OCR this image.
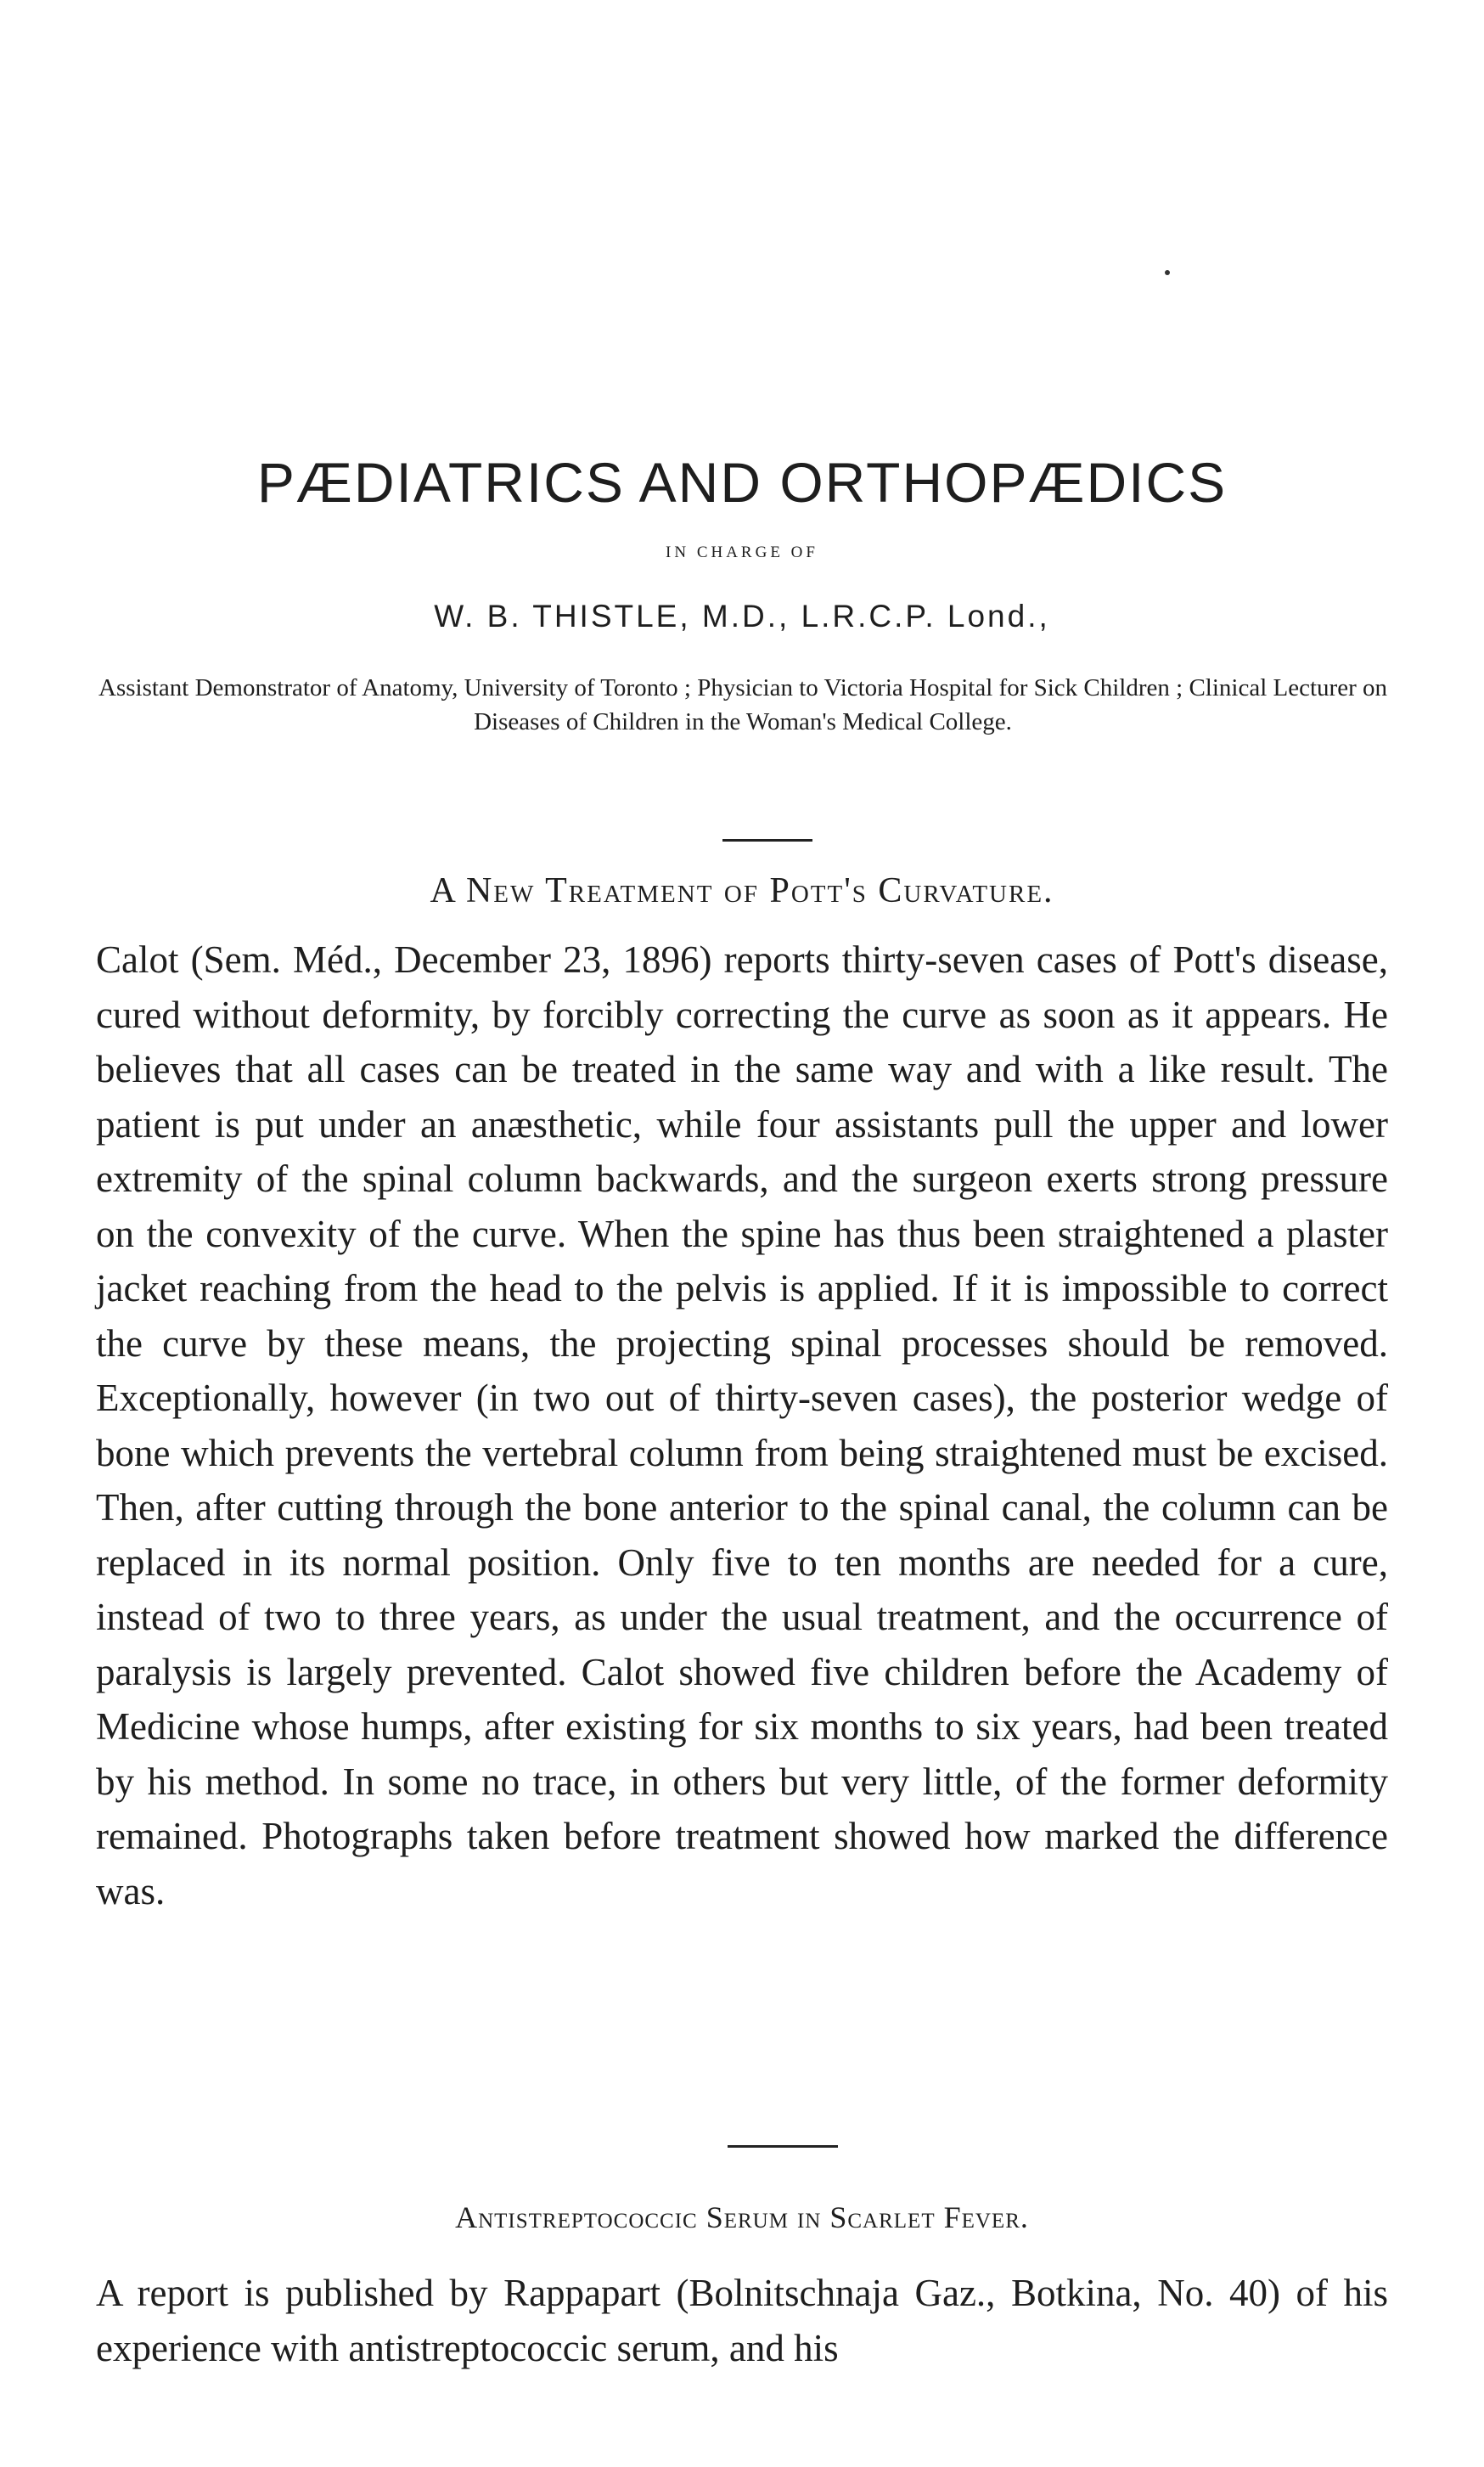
PÆDIATRICS AND ORTHOPÆDICS

IN CHARGE OF

W. B. THISTLE, M.D., L.R.C.P. Lond.,

Assistant Demonstrator of Anatomy, University of Toronto ; Physician to Victoria Hospital for Sick Children ; Clinical Lecturer on Diseases of Children in the Woman's Medical College.

A New Treatment of Pott's Curvature.

Calot (Sem. Méd., December 23, 1896) reports thirty-seven cases of Pott's disease, cured without deformity, by forcibly correcting the curve as soon as it appears. He believes that all cases can be treated in the same way and with a like result. The patient is put under an anæsthetic, while four assistants pull the upper and lower extremity of the spinal column backwards, and the surgeon exerts strong pressure on the convexity of the curve. When the spine has thus been straightened a plaster jacket reaching from the head to the pelvis is applied. If it is impossible to correct the curve by these means, the projecting spinal processes should be removed. Exceptionally, however (in two out of thirty-seven cases), the posterior wedge of bone which prevents the vertebral column from being straightened must be excised. Then, after cutting through the bone anterior to the spinal canal, the column can be replaced in its normal position. Only five to ten months are needed for a cure, instead of two to three years, as under the usual treatment, and the occurrence of paralysis is largely prevented. Calot showed five children before the Academy of Medicine whose humps, after existing for six months to six years, had been treated by his method. In some no trace, in others but very little, of the former deformity remained. Photographs taken before treatment showed how marked the difference was.

Antistreptococcic Serum in Scarlet Fever.

A report is published by Rappapart (Bolnitschnaja Gaz., Botkina, No. 40) of his experience with antistreptococcic serum, and his
